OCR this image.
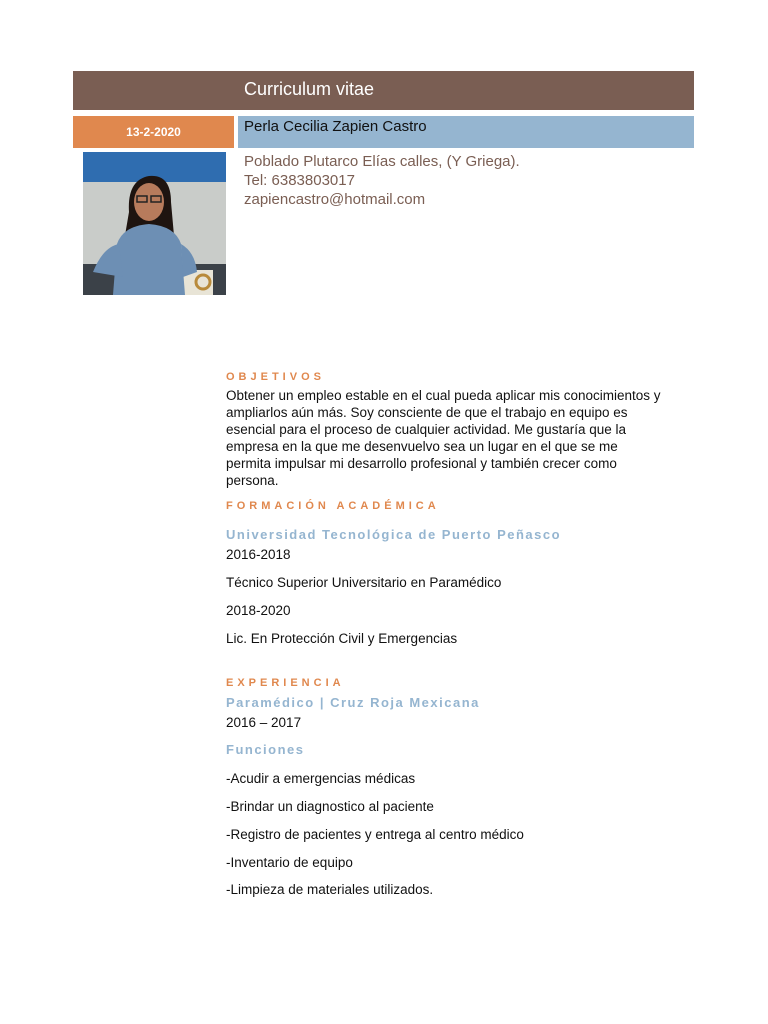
Curriculum vitae
13-2-2020	Perla Cecilia Zapien Castro
Poblado Plutarco Elías calles, (Y Griega).
Tel: 6383803017
zapiencastro@hotmail.com
OBJETIVOS
Obtener un empleo estable en el cual pueda aplicar mis conocimientos y
ampliarlos aún más. Soy consciente de que el trabajo en equipo es
esencial para el proceso de cualquier actividad. Me gustaría que la
empresa en la que me desenvuelvo sea un lugar en el que se me
permita impulsar mi desarrollo profesional y también crecer como
persona.
FORMACIÓN ACADÉMICA
Universidad Tecnológica de Puerto Peñasco
2016-2018
Técnico Superior Universitario en Paramédico
2018-2020
Lic. En Protección Civil y Emergencias
EXPERIENCIA
Paramédico | Cruz Roja Mexicana
2016 – 2017
Funciones
-Acudir a emergencias médicas
-Brindar un diagnostico al paciente
-Registro de pacientes y entrega al centro médico
-Inventario de equipo
-Limpieza de materiales utilizados.
